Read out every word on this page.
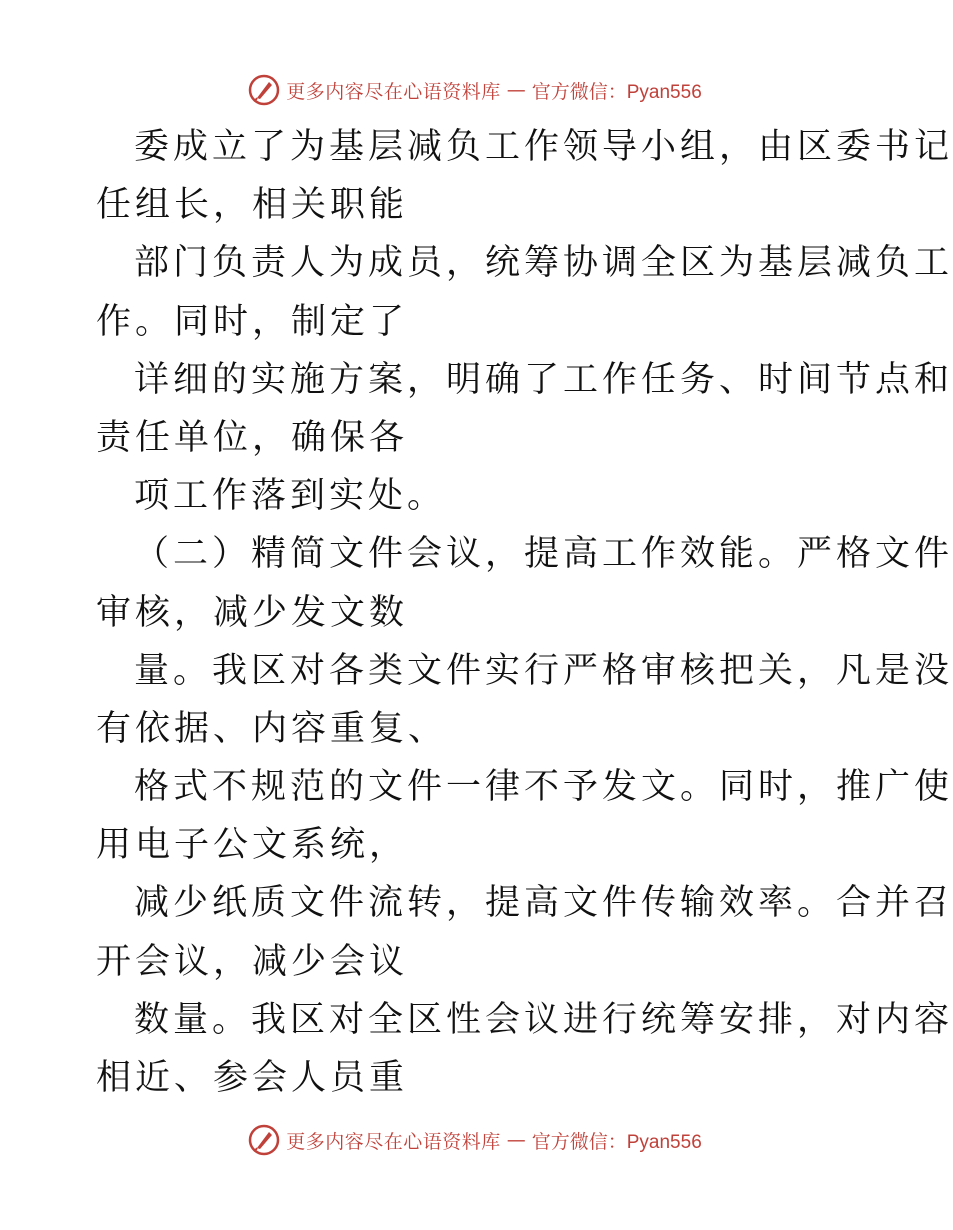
更多内容尽在心语资料库 — 官方微信：Pyan556
委成立了为基层减负工作领导小组，由区委书记
任组长，相关职能
部门负责人为成员，统筹协调全区为基层减负工
作。同时，制定了
详细的实施方案，明确了工作任务、时间节点和
责任单位，确保各
项工作落到实处。
（二）精简文件会议，提高工作效能。严格文件
审核，减少发文数
量。我区对各类文件实行严格审核把关，凡是没
有依据、内容重复、
格式不规范的文件一律不予发文。同时，推广使
用电子公文系统，
减少纸质文件流转，提高文件传输效率。合并召
开会议，减少会议
数量。我区对全区性会议进行统筹安排，对内容
相近、参会人员重
更多内容尽在心语资料库 — 官方微信：Pyan556
